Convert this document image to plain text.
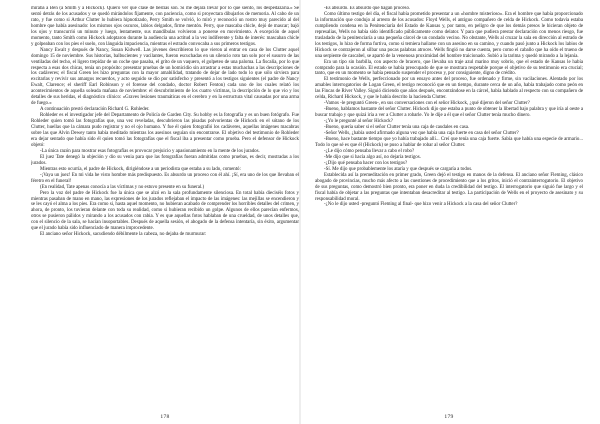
miraba a Ben (a Smith y a Hickock). Quiero ver qué clase de bestias son. Si me dejara llevar por lo que siento, los despedazaría.» Se sentó detrás de los acusados y se quedó mirándolos fijamente, con paciencia, como si proyectara dibujarlos de memoria. Al cabo de un rato, y fue como si Arthur Clutter lo hubiera hipnotizado, Perry Smith se volvió, lo miró y reconoció un rostro muy parecido al del hombre que había asesinado: los mismos ojos oscuros, labios delgados, firme mentón. Perry, que mascaba chicle, dejó de mascar; bajó los ojos y transcurrió un minuto y luego, lentamente, sus mandíbulas volvieron a ponerse en movimiento. A excepción de aquel momento, tanto Smith como Hickock adoptaron durante la audiencia una actitud a la vez indiferente y falta de interés: mascaban chicle y golpeaban con los pies el suelo, con lánguida impaciencia, mientras el estrado convocaba a sus primeros testigos.

Nancy Ewalt y después de Nancy, Susan Kidwell. Las jóvenes describieron lo que vieron al entrar en casa de los Clutter aquel domingo 15 de noviembre. Sus historias, balbucientes y vacilantes, fueron escuchadas en un silencio roto tan solo por el susurro de las ventiladas del techo, el ligero trepidar de un coche que pasaba, el grito de un vaquero, el golpeteo de una paloma. La fiscalía, por lo que respecta a esas dos chicas, tenía un propósito: presentar pruebas de un homicidio sin arrastrar a estas muchachas a las descripciones de los cadáveres; el fiscal Green les hizo preguntas con la mayor amabilidad, tratando de dejar de lado todo lo que sólo sirviera para excitarlas y revivir sus amargos recuerdos, y acto seguido se dio por satisfecho y presentó a los testigos siguientes (el padre de Nancy Ewalt, Clarence; el sheriff Earl Robinson y el forense del condado, doctor Robert Fenton) cada uno de los cuales relató los acontecimientos de aquella soleada mañana de noviembre: el descubrimiento de los cuatro víctimas, la descripción de lo que vio y los detalles de sus heridas, el diagnóstico clínico: «Graves lesiones traumáticas en el cerebro y en la estructura vital causadas por una arma de fuego.»

A continuación prestó declaración Richard G. Rohleder.

Rohleder es el investigador jefe del Departamento de Policía de Garden City. Su hobby es la fotografía y es un buen fotógrafo. Fue Rohleder quien tomó las fotografías que, una vez reveladas, descubrieron las pisadas polvorientas de Hickock en el sótano de los Clutter, huellas que la cámara pudo registrar y no el ojo humano. Y fue él quien fotografió los cadáveres, aquellas imágenes macabras sobre las que Alvin Dewey tanto había meditado mientras los asesinos seguían sin encontrarse. El objetivo del testimonio de Rohleder era dejar sentado que había sido él quien tomó las fotografías que el fiscal iba a presentar como prueba. Pero el defensor de Hickock objetó:

-La única razón para mostrar esas fotografías es provocar prejuicio y apasionamiento en la mente de los jurados.

El juez Tate denegó la objeción y dio su venia para que las fotografías fueran admitidas como pruebas, es decir, mostradas a los jurados.

Mientras esto ocurría, el padre de Hickock, dirigiéndose a un periodista que estaba a su lado, comentó:

-¡Vaya un juez! En mi vida he visto hombre más predispuesto. Es absurdo un proceso con él ahí. ¡Sí, era uno de los que llevaban el féretro en el funeral!

(En realidad, Tate apenas conocía a las víctimas y no estuvo presente en su funeral.)

Pero la voz del padre de Hickock fue la única que se alzó en la sala profundamente silenciosa. En total había dieciséis fotos y mientras pasaban de mano en mano, las expresiones de los jurados reflejaban el impacto de las imágenes: las mejillas se encendieron y se les cayó el alma a los pies. Era como si, hasta aquel momento, no hubieran acabado de comprender los horribles detalles del crimen, y ahora, de pronto, los tuvieran delante con toda su realidad, como si hubieran recibido un golpe. Algunos de ellos parecían enfermos, otros se pusieron pálidos y mirando a los acusados con rabia. Y es que aquellas fotos hablaban de una crueldad, de unos detalles que, con el silencio de la sala, se hacían insoportables. Después de aquella sesión, el abogado de la defensa intentaría, sin éxito, argumentar que el jurado había sido influenciado de manera improcedente.

El anciano señor Hickock, sacudiendo débilmente la cabeza, no dejaba de murmurar:

178

-Es absurdo. Es absurdo que hagan proceso.

Como último testigo del día, el fiscal había prometido presentar a un «hombre misterioso». Era el hombre que había proporcionado la información que condujo al arresto de los acusados: Floyd Wells, el antiguo compañero de celda de Hickock. Como todavía estaba cumpliendo condena en la Penitenciaría del Estado de Kansas y, por tanto, en peligro de que los demás presos le hicieran objeto de represalias, Wells no había sido identificado públicamente como delator. Y para que pudiera prestar declaración con menos riesgo, fue trasladado de la penitenciaría a una pequeña cárcel de un condado vecino. No obstante, Wells al cruzar la sala en dirección al estrado de los testigos, lo hizo de forma furtiva, como si temiera hallarse con un asesino en su camino, y cuando pasó junto a Hickock los labios de Hickock se contrajeron al silbar una pocas palabras atroces. Wells fingió no darse cuenta, pero como el caballo que ha oído el trueno de una serpiente de cascabel, se apartó de la venenosa proximidad del hombre traicionado. Subió a la tarima y quedó mirando a la lejanía.

Era un tipo sin barbilla, con aspecto de bracero, que llevaba un traje azul marino muy sobrio, que el estado de Kansas le había comprado para la ocasión. El estado se había preocupado de que se mostrara respetable porque el objetivo de su testimonio era crucial; tanto, que en un momento se había pensado suspender el proceso y, por consiguiente, digno de crédito.

El testimonio de Wells, perfeccionado por un ensayo antes del proceso, fue ordenado y firme, sin vacilaciones. Alentado por los amables interrogatorios de Logan Green, el testigo reconoció que en un tiempo, durante cerca de un año, había trabajado como peón en las Fincas de River Valley. Siguió diciendo que años después, encontrándose en la cárcel, había hablado al respecto con su compañero de celda, Richard Hickock, y que le había descrito la hacienda Clutter.

-Vamos -le preguntó Green-, en sus conversaciones con el señor Hickock, ¿qué dijeron del señor Clutter?

-Bueno, hablamos bastante del señor Clutter. Hickock dijo que estaba a punto de obtener la libertad bajo palabra y que iría al oeste a buscar trabajo y que quizá iría a ver a Clutter a robarle. Yo le dije a él que el señor Clutter tenía mucho dinero.

-¿Yo le pregunté al señor Hickock?

-Bueno, quería saber si el señor Clutter tenía una caja de caudales en casa.

-Señor Wells, ¿había usted afirmado alguna vez que había una caja fuerte en casa del señor Clutter?

-Bueno, hace bastante tiempo que yo había trabajado allí... Creí que tenía una caja fuerte. Sabía que había una especie de armario... Todo lo que sé es que él (Hickock) se puso a hablar de robar al señor Clutter.

-¿Le dijo cómo pensaba llevar a cabo el robo?

-Me dijo que si hacía algo así, no dejaría testigos.

-¿Dijo qué pensaba hacer con los testigos?

-Sí. Me dijo que probablemente los ataría y que después se cargaría a todos.

Establecida así la premeditación en primer grado, Green dejó el testigo en manos de la defensa. El anciano señor Fleming, clásico abogado de provincias, mucho más afecto a las cuestiones de procedimiento que a los gritos, inició el contrainterrogatorio. El objetivo de sus preguntas, como demostró bien pronto, era poner en duda la credibilidad del testigo. El interrogatorio que siguió fue largo y el fiscal había de objetar a las preguntas que intentaban desacreditar al testigo. La participación de Wells en el proyecto de asesinato y su responsabilidad moral.

-¿No le dijo usted -preguntó Fleming al final- que hizo venir a Hickock a la casa del señor Clutter?

179
